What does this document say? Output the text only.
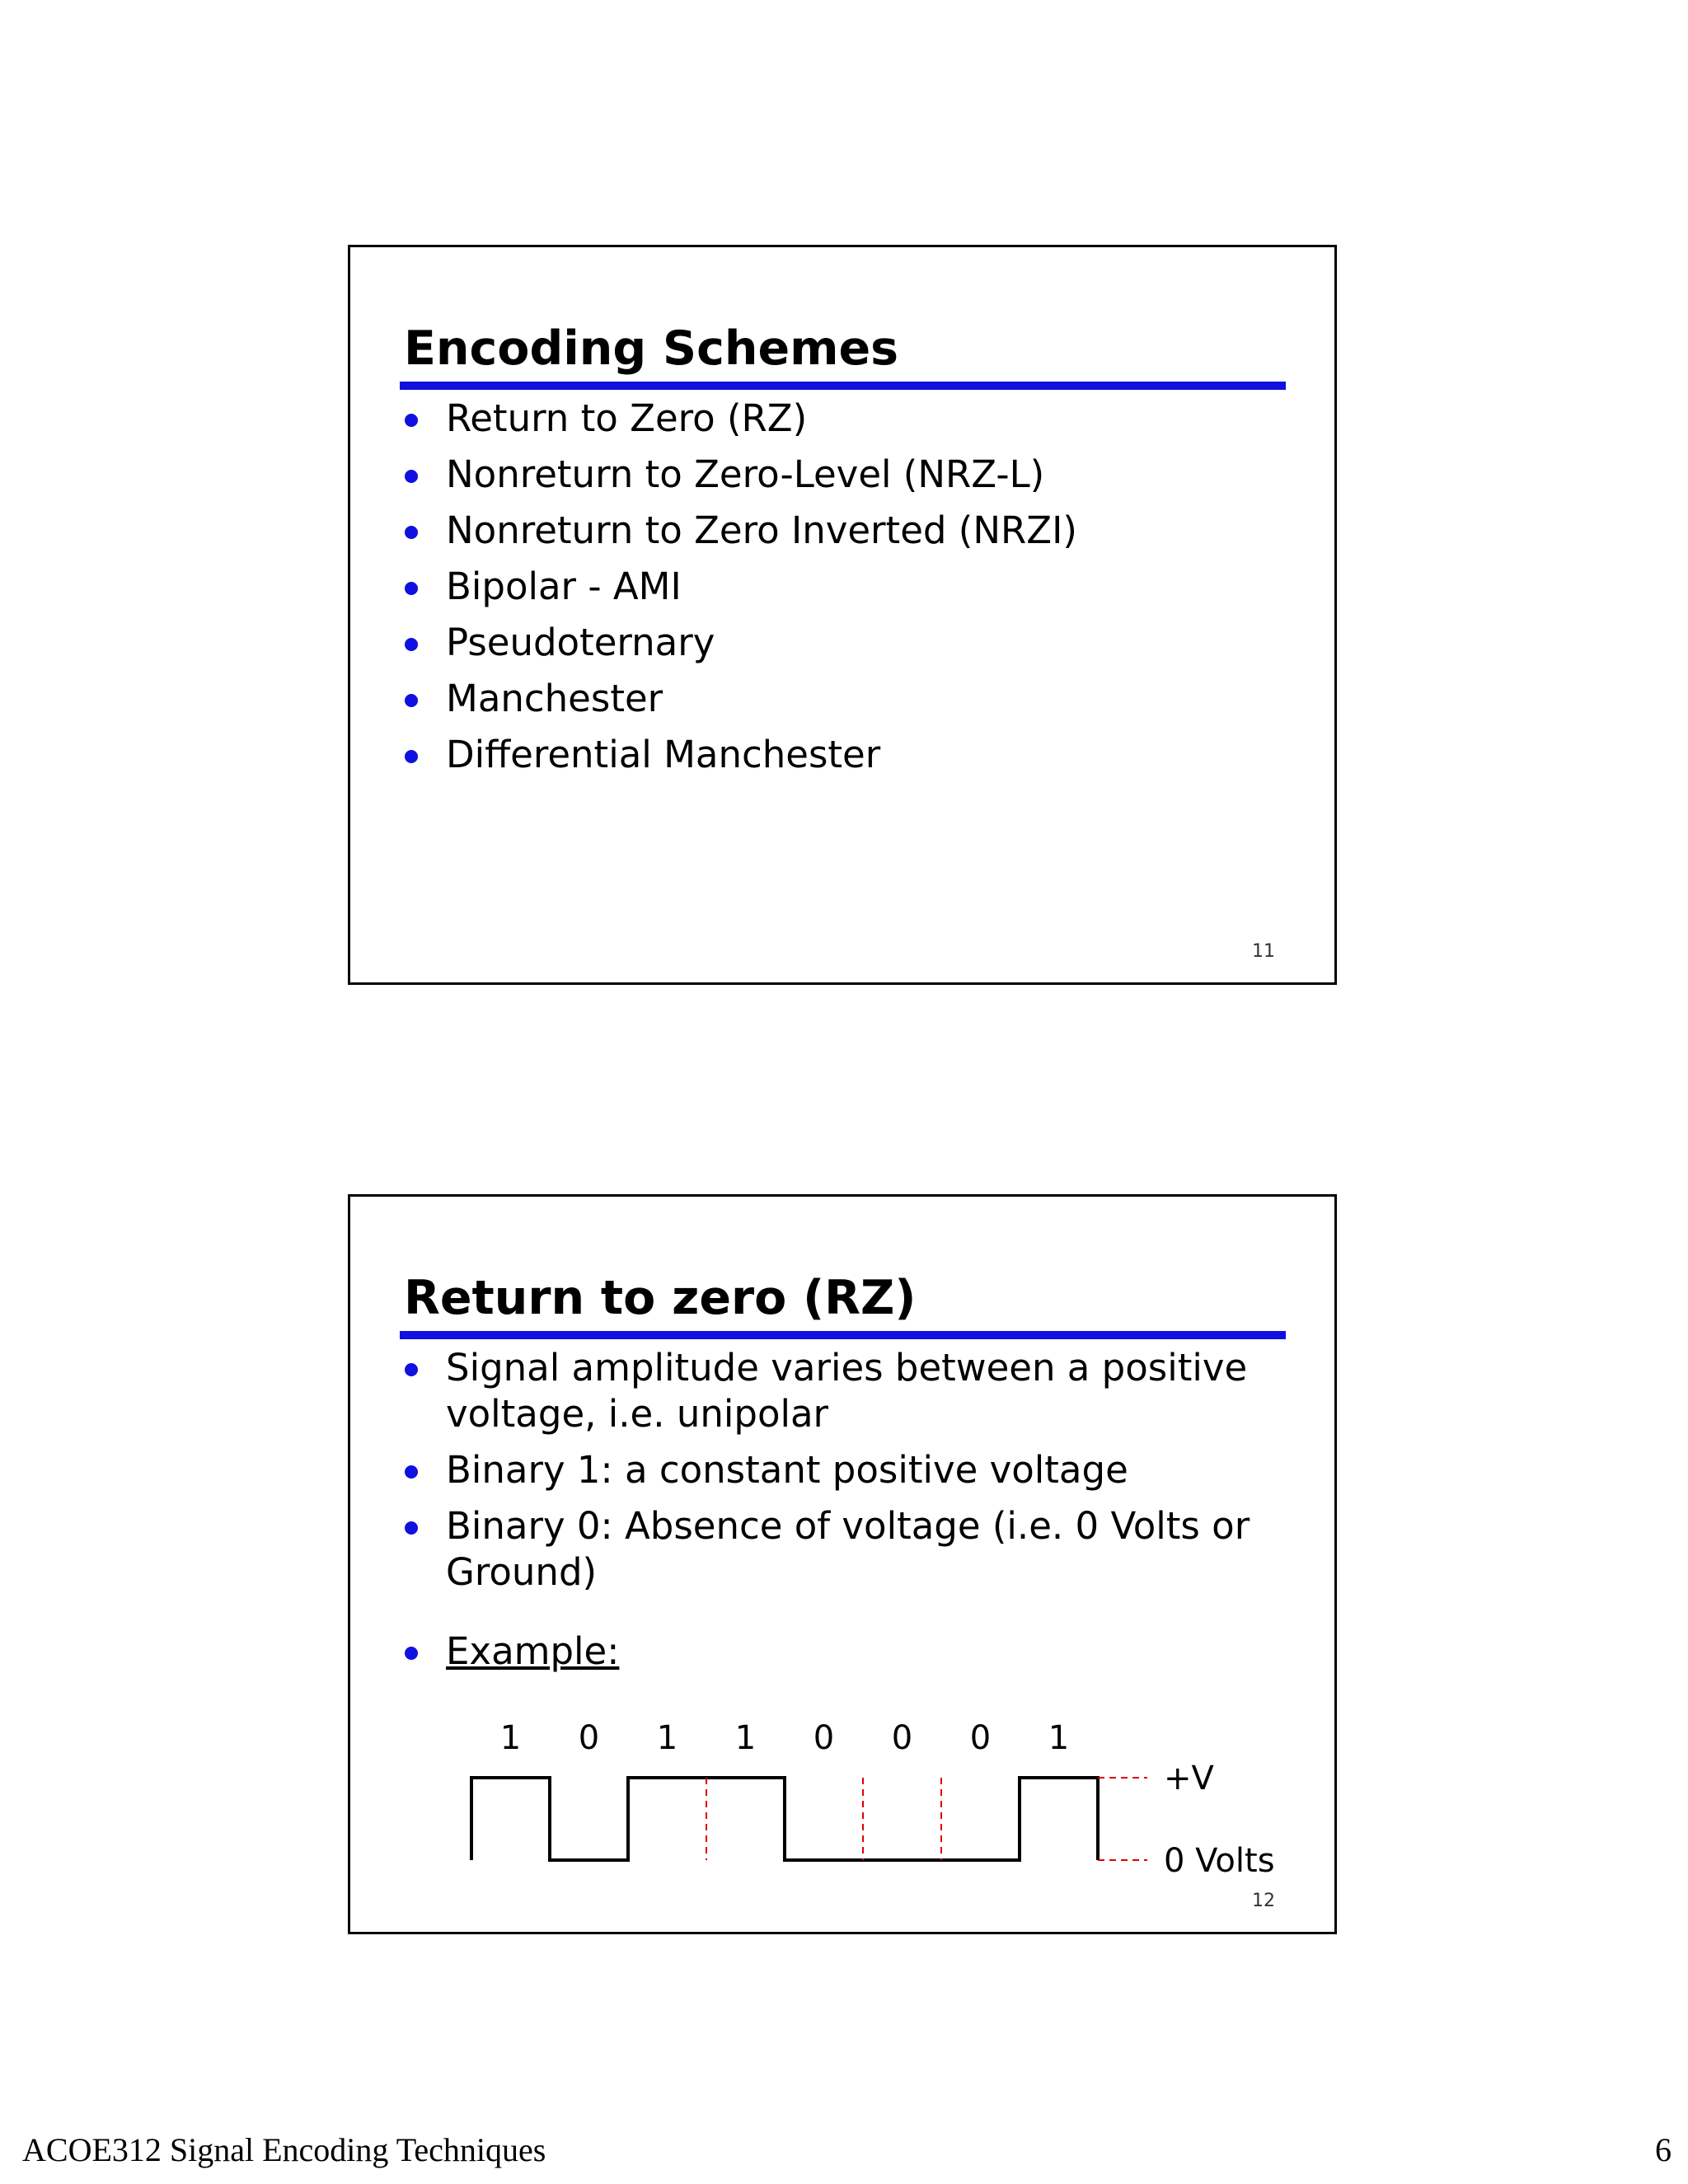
Encoding Schemes
Return to Zero (RZ)
Nonreturn to Zero-Level (NRZ-L)
Nonreturn to Zero Inverted (NRZI)
Bipolar - AMI
Pseudoternary
Manchester
Differential Manchester
11
Return to zero (RZ)
Signal amplitude varies between a positive voltage, i.e. unipolar
Binary 1: a constant positive voltage
Binary 0: Absence of voltage (i.e. 0 Volts or Ground)
Example:
1 0 1 1 0 0 0 1
+V
0 Volts
12
ACOE312 Signal Encoding Techniques	6
